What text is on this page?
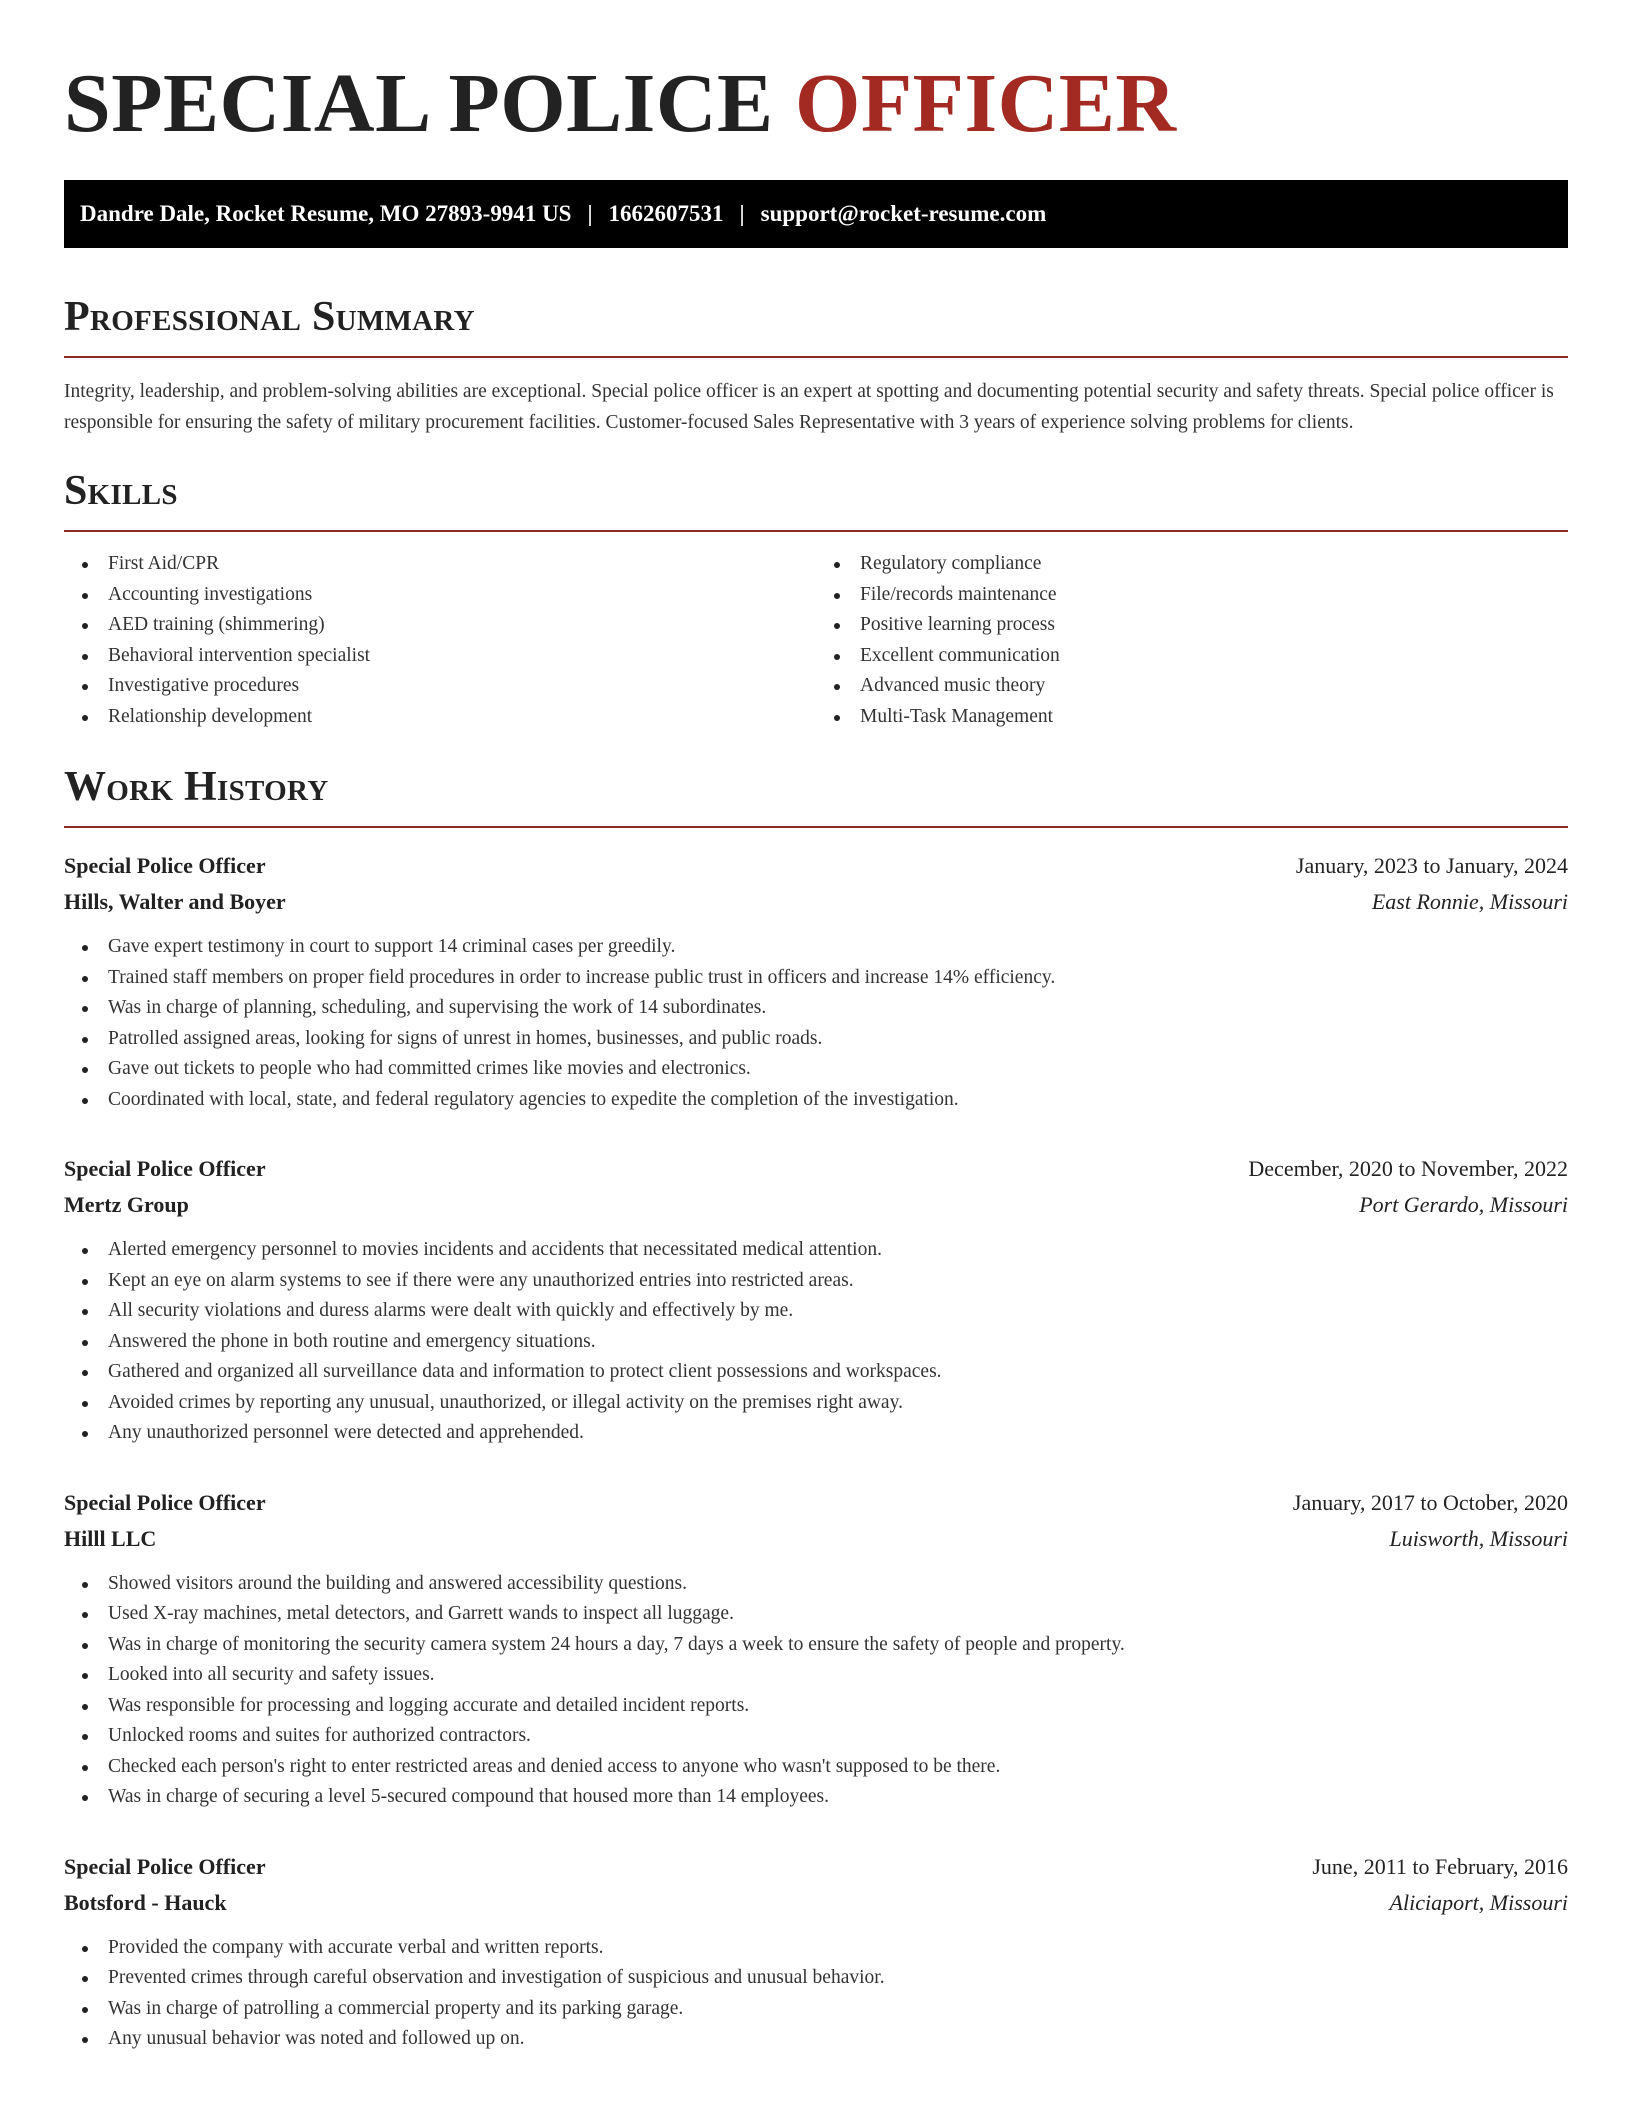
SPECIAL POLICE OFFICER
Dandre Dale, Rocket Resume, MO 27893-9941 US | 1662607531 | support@rocket-resume.com
Professional Summary

Integrity, leadership, and problem-solving abilities are exceptional. Special police officer is an expert at spotting and documenting potential security and safety threats. Special police officer is responsible for ensuring the safety of military procurement facilities. Customer-focused Sales Representative with 3 years of experience solving problems for clients.

Skills
First Aid/CPR
Accounting investigations
AED training (shimmering)
Behavioral intervention specialist
Investigative procedures
Relationship development
Regulatory compliance
File/records maintenance
Positive learning process
Excellent communication
Advanced music theory
Multi-Task Management
Work History
Special Police Officer	January, 2023 to January, 2024
Hills, Walter and Boyer	East Ronnie, Missouri
Gave expert testimony in court to support 14 criminal cases per greedily.
Trained staff members on proper field procedures in order to increase public trust in officers and increase 14% efficiency.
Was in charge of planning, scheduling, and supervising the work of 14 subordinates.
Patrolled assigned areas, looking for signs of unrest in homes, businesses, and public roads.
Gave out tickets to people who had committed crimes like movies and electronics.
Coordinated with local, state, and federal regulatory agencies to expedite the completion of the investigation.
Special Police Officer	December, 2020 to November, 2022
Mertz Group	Port Gerardo, Missouri
Alerted emergency personnel to movies incidents and accidents that necessitated medical attention.
Kept an eye on alarm systems to see if there were any unauthorized entries into restricted areas.
All security violations and duress alarms were dealt with quickly and effectively by me.
Answered the phone in both routine and emergency situations.
Gathered and organized all surveillance data and information to protect client possessions and workspaces.
Avoided crimes by reporting any unusual, unauthorized, or illegal activity on the premises right away.
Any unauthorized personnel were detected and apprehended.
Special Police Officer	January, 2017 to October, 2020
Hilll LLC	Luisworth, Missouri
Showed visitors around the building and answered accessibility questions.
Used X-ray machines, metal detectors, and Garrett wands to inspect all luggage.
Was in charge of monitoring the security camera system 24 hours a day, 7 days a week to ensure the safety of people and property.
Looked into all security and safety issues.
Was responsible for processing and logging accurate and detailed incident reports.
Unlocked rooms and suites for authorized contractors.
Checked each person's right to enter restricted areas and denied access to anyone who wasn't supposed to be there.
Was in charge of securing a level 5-secured compound that housed more than 14 employees.
Special Police Officer	June, 2011 to February, 2016
Botsford - Hauck	Aliciaport, Missouri
Provided the company with accurate verbal and written reports.
Prevented crimes through careful observation and investigation of suspicious and unusual behavior.
Was in charge of patrolling a commercial property and its parking garage.
Any unusual behavior was noted and followed up on.
